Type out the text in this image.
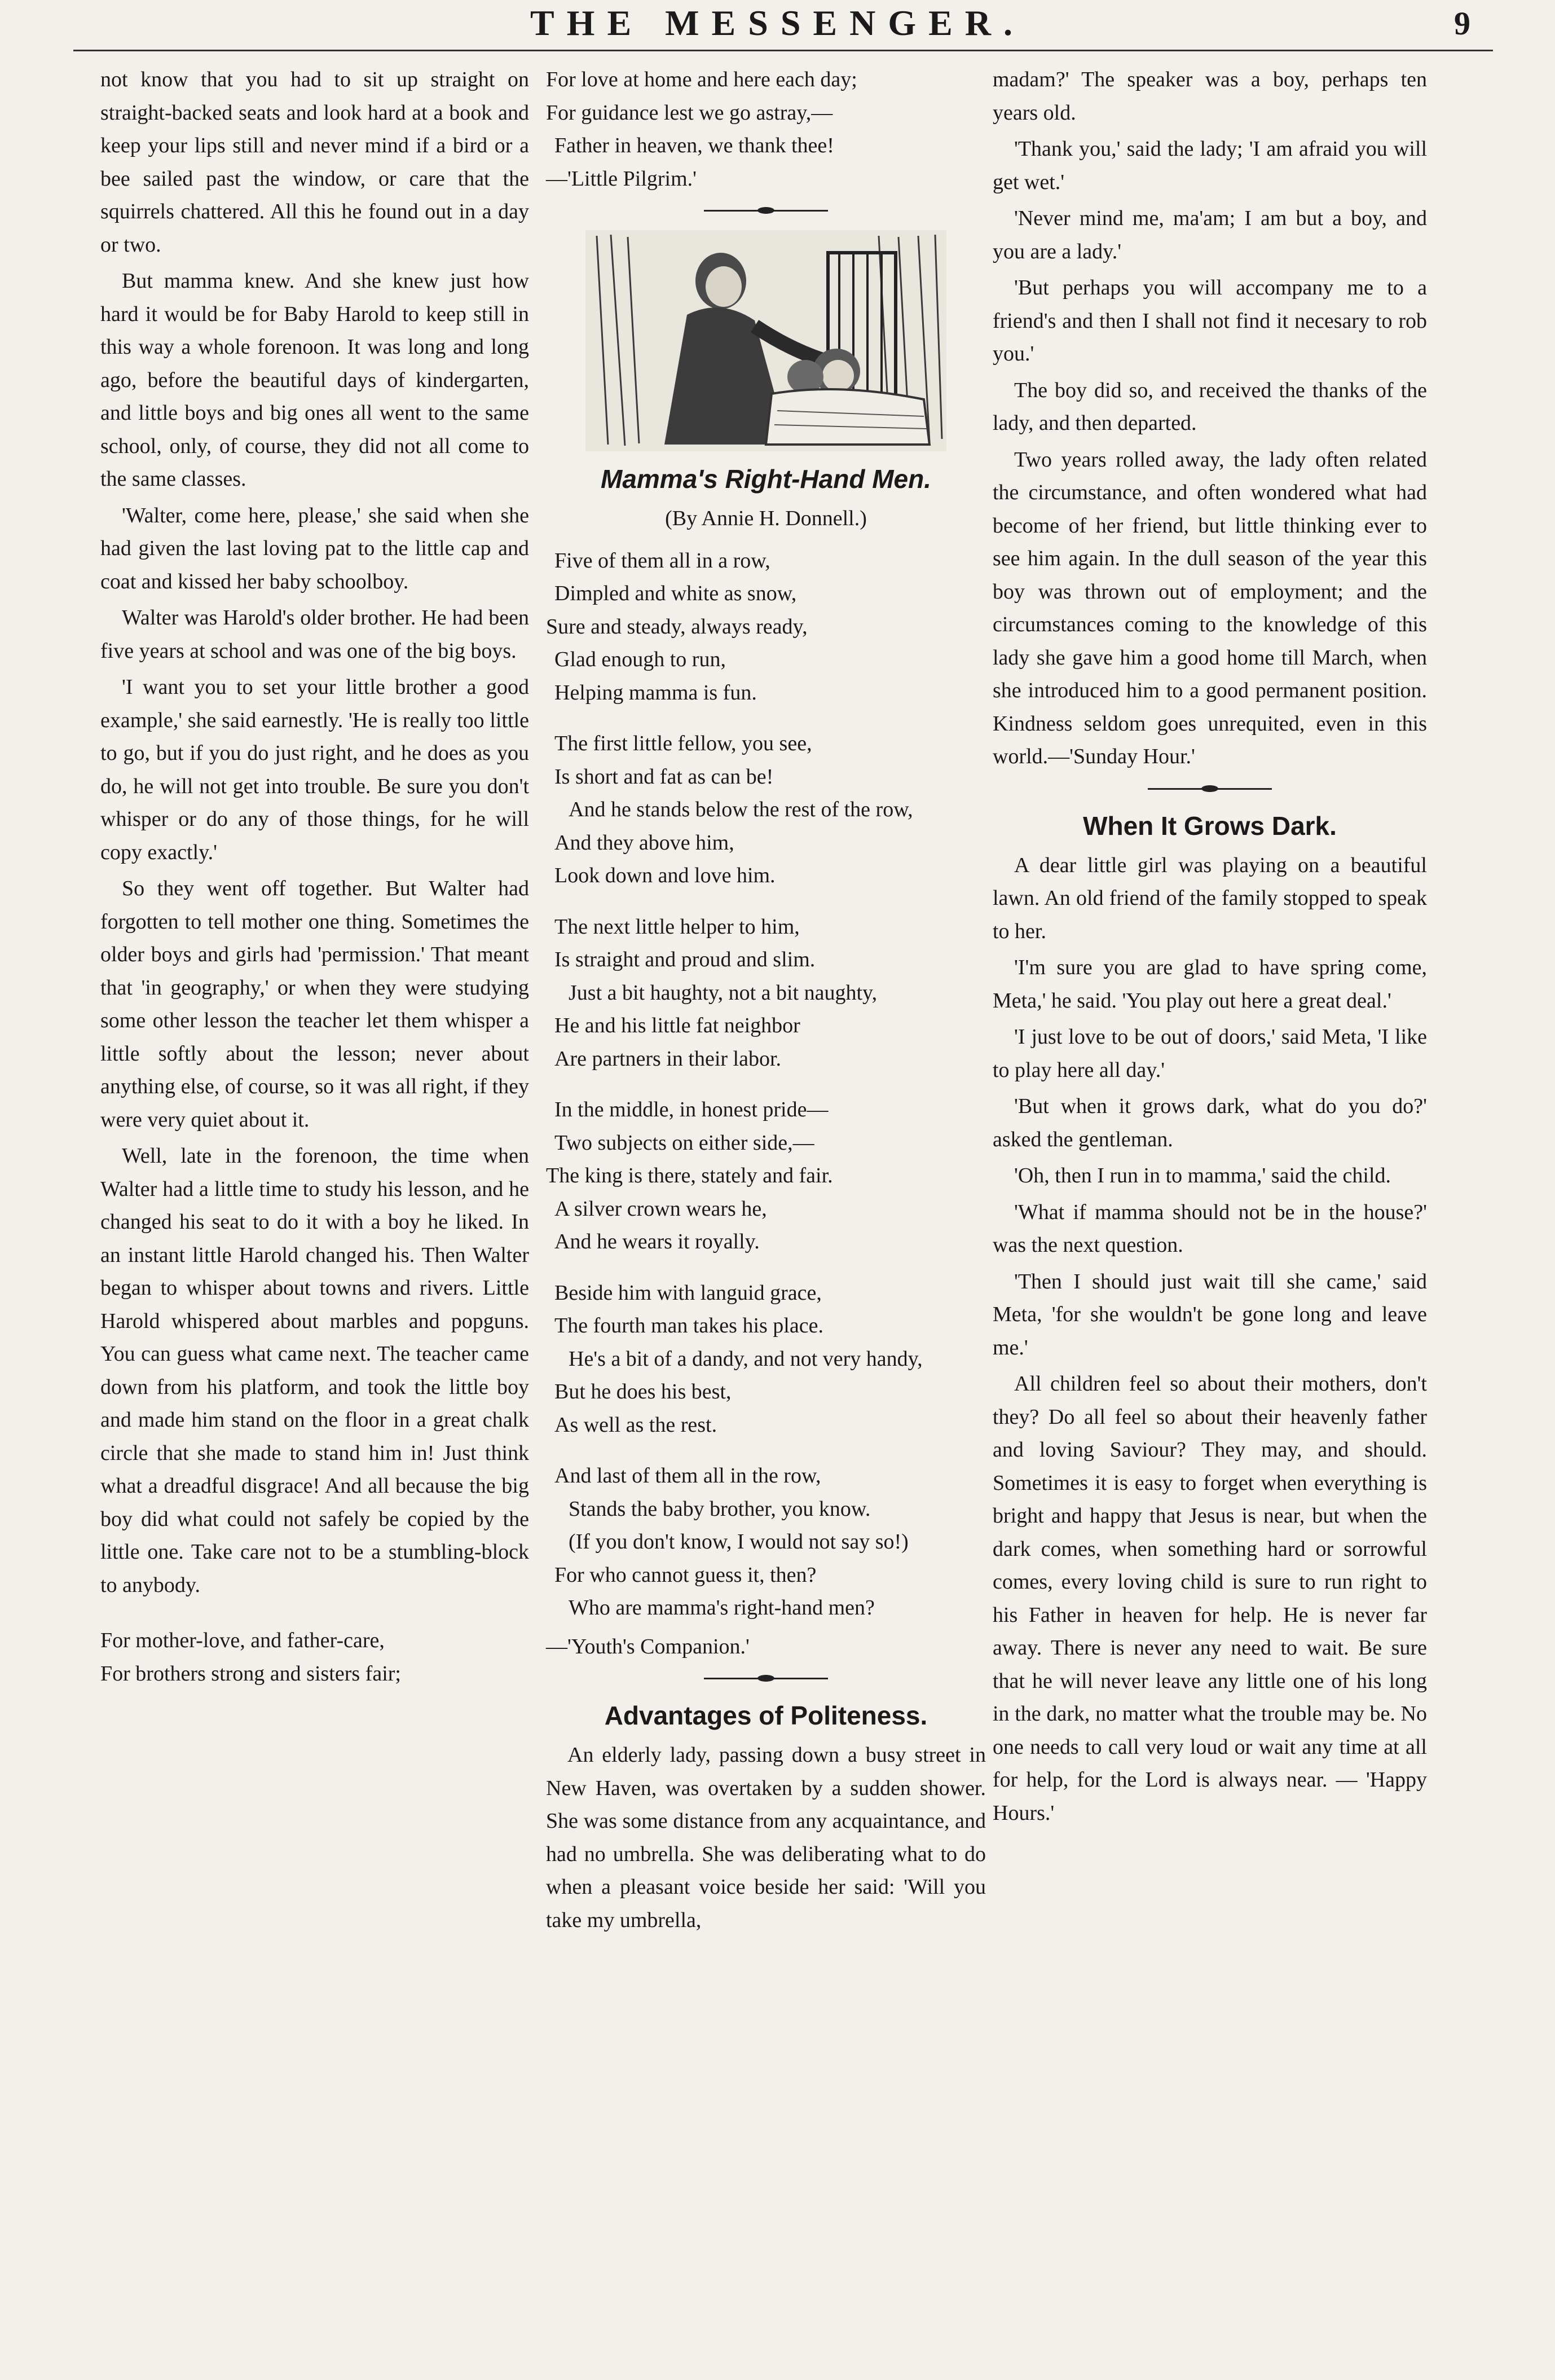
THE MESSENGER.	9

not know that you had to sit up straight on straight-backed seats and look hard at a book and keep your lips still and never mind if a bird or a bee sailed past the window, or care that the squirrels chattered. All this he found out in a day or two.

But mamma knew. And she knew just how hard it would be for Baby Harold to keep still in this way a whole forenoon. It was long and long ago, before the beautiful days of kindergarten, and little boys and big ones all went to the same school, only, of course, they did not all come to the same classes.

'Walter, come here, please,' she said when she had given the last loving pat to the little cap and coat and kissed her baby schoolboy.

Walter was Harold's older brother. He had been five years at school and was one of the big boys.

'I want you to set your little brother a good example,' she said earnestly. 'He is really too little to go, but if you do just right, and he does as you do, he will not get into trouble. Be sure you don't whisper or do any of those things, for he will copy exactly.'

So they went off together. But Walter had forgotten to tell mother one thing. Sometimes the older boys and girls had 'permission.' That meant that 'in geography,' or when they were studying some other lesson the teacher let them whisper a little softly about the lesson; never about anything else, of course, so it was all right, if they were very quiet about it.

Well, late in the forenoon, the time when Walter had a little time to study his lesson, and he changed his seat to do it with a boy he liked. In an instant little Harold changed his. Then Walter began to whisper about towns and rivers. Little Harold whispered about marbles and popguns. You can guess what came next. The teacher came down from his platform, and took the little boy and made him stand on the floor in a great chalk circle that she made to stand him in! Just think what a dreadful disgrace! And all because the big boy did what could not safely be copied by the little one. Take care not to be a stumbling-block to anybody.

For mother-love, and father-care,
For brothers strong and sisters fair;
For love at home and here each day;
For guidance lest we go astray,—
Father in heaven, we thank thee!
—'Little Pilgrim.'
Mamma's Right-Hand Men.
(By Annie H. Donnell.)
Five of them all in a row,
Dimpled and white as snow,
Sure and steady, always ready,
Glad enough to run,
Helping mamma is fun.
The first little fellow, you see,
Is short and fat as can be!
And he stands below the rest of the row,
And they above him,
Look down and love him.
The next little helper to him,
Is straight and proud and slim.
Just a bit haughty, not a bit naughty,
He and his little fat neighbor
Are partners in their labor.
In the middle, in honest pride—
Two subjects on either side,—
The king is there, stately and fair.
A silver crown wears he,
And he wears it royally.
Beside him with languid grace,
The fourth man takes his place.
He's a bit of a dandy, and not very handy,
But he does his best,
As well as the rest.
And last of them all in the row,
Stands the baby brother, you know.
(If you don't know, I would not say so!)
For who cannot guess it, then?
Who are mamma's right-hand men?
—'Youth's Companion.'
Advantages of Politeness.

An elderly lady, passing down a busy street in New Haven, was overtaken by a sudden shower. She was some distance from any acquaintance, and had no umbrella. She was deliberating what to do when a pleasant voice beside her said: 'Will you take my umbrella,

madam?' The speaker was a boy, perhaps ten years old.

'Thank you,' said the lady; 'I am afraid you will get wet.'

'Never mind me, ma'am; I am but a boy, and you are a lady.'

'But perhaps you will accompany me to a friend's and then I shall not find it necesary to rob you.'

The boy did so, and received the thanks of the lady, and then departed.

Two years rolled away, the lady often related the circumstance, and often wondered what had become of her friend, but little thinking ever to see him again. In the dull season of the year this boy was thrown out of employment; and the circumstances coming to the knowledge of this lady she gave him a good home till March, when she introduced him to a good permanent position. Kindness seldom goes unrequited, even in this world.—'Sunday Hour.'

When It Grows Dark.

A dear little girl was playing on a beautiful lawn. An old friend of the family stopped to speak to her.

'I'm sure you are glad to have spring come, Meta,' he said. 'You play out here a great deal.'

'I just love to be out of doors,' said Meta, 'I like to play here all day.'

'But when it grows dark, what do you do?' asked the gentleman.

'Oh, then I run in to mamma,' said the child.

'What if mamma should not be in the house?' was the next question.

'Then I should just wait till she came,' said Meta, 'for she wouldn't be gone long and leave me.'

All children feel so about their mothers, don't they? Do all feel so about their heavenly father and loving Saviour? They may, and should. Sometimes it is easy to forget when everything is bright and happy that Jesus is near, but when the dark comes, when something hard or sorrowful comes, every loving child is sure to run right to his Father in heaven for help. He is never far away. There is never any need to wait. Be sure that he will never leave any little one of his long in the dark, no matter what the trouble may be. No one needs to call very loud or wait any time at all for help, for the Lord is always near. — 'Happy Hours.'
